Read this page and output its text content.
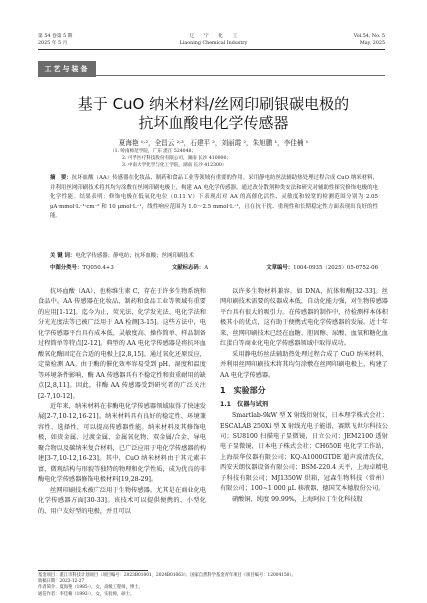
第 54 卷第 5 期
2025 年 5 月
辽　　宁　　化　　工
Liaoning Chemical Industry
Vol.54, No. 5
May, 2025
工艺与装备
基于 CuO 纳米材料/丝网印刷银碳电极的
抗坏血酸电化学传感器
夏海艳 ¹˒²，全昌云 ²˒³，石建平 ²，刘丽霞 ²，朱旭鹏 ¹，李佳楠 ¹
（1. 岭南师范学院，广东 湛江 524048；
2. 可孚医疗科技股份有限公司，湖南 长沙 410000；
3. 中南大学化学与化工学院，湖南 长沙 412300）
摘　要：抗坏血酸（AA）传感器在化妆品、制药和食品工业等领域有重要的作用。采用静电纺丝法辅助热处理过程合成 CuO 纳米材料，并利用丝网印刷技术将其均匀涂敷在丝网印刷电极上，构建 AA 电化学传感器。通过改分散剂种类安法和研究对辅助性探究修饰电极的电化学性能。结果表明：修饰电极在低氧化电位（0.11 V）下表现出对 AA 的高催化活性、灵敏度和较宽的检测范围分别为 2.05 μA·mmol·L⁻¹·cm⁻² 和 10 μmol·L⁻¹，线性响应范围为 1.0～2.5 mmol·L⁻¹，且在抗干扰、重现性和长期稳定性方面表现出良好的性能。
关 键 词：电化学传感器；静电纺；抗坏血酸；丝网印刷技术
中图分类号：TQ050.4+3	文献标志码：A	文章编号：1004-0935（2025）05-0752-06

抗坏血酸（AA），也称维生素 C，存在于许多生物系统和食品中。AA 传感器在化妆品、制药和食品工业等领域有重要的应用[1-12]。迄今为止，荧光法、化学发光法、电化学法和分光光度法等已被广泛用于 AA 检测[3-15]。这些方法中，电化学传感器平台具有成本低、灵敏度高、操作简单、样品制备过程简单等特点[2-12]。典型的 AA 电化学传感器是将抗坏血酸氧化酶固定在合适的电极上[2,8,15]。通过氧化还原反应，定量检测 AA。由于酶的催化效率容易受到 pH、湿度和温度等环境条件影响，酶 AA 传感器具有不稳定性和贵重耐用的缺点[2,8,11]。因此，非酶 AA 传感器受到研究者的广泛关注[2-7,10-12]。

近年来，纳米材料在非酶电化学传感器领域取得了快速发展[2-7,10-12,16-21]。纳米材料具有良好的稳定性、环境兼容性、选择性，可以提高传感器性能。纳米材料及其修饰电极，如贵金属、过渡金属、金属氧化物、双金属/合金、导电聚合物以及碳纳米复合材料，已广泛应用于电化学传感器的构建[3-7,10-12,16-23]。其中，CuO 纳米材料由于其元素丰富、微观结构与形貌等独特的物理和化学性质，成为优良的非酶电化学传感器修饰电极材料[19,28-29]。

丝网印刷技术被广泛用于生物传感器。尤其是在商业化电化学传感器方面[30-33]。该技术可以提供便携的、小型化的、用户友好型的电极，并且可以

以许多生物材料兼容，如 DNA、抗体和酶[32-33]。丝网印刷技术需要的仪器成本低，自动化能力强，对生物传感器平台具有很大的吸引力。在传感器的制作中，待检测样本体积极其小的优点，这有助于便携式电化学传感器的发展。近十年来，丝网印刷技术已经在血糖、胆固醇、尿酸、血氧和糖化血红蛋白等商业化电化学传感器领域中取得成功。

采用静电纺丝法辅助热处理过程合成了 CuO 纳米材料，并利用丝网印刷技术将其均匀涂敷在丝网印刷电极上，构建了 AA 电化学传感器。

1　实验部分
1.1　仪器与试剂

Smartlab-9kW 型 X 射线衍射仪，日本理学株式会社；ESCALAB 250Xi 型 X 射线光电子能谱，赛默飞世尔科技公司；SU8100 扫描电子显微镜，日立公司；JEM2100 透射电子显微镜，日本电子株式会社；CH650E 电化学工作站，上海辰华仪器有限公司；KQ-A1000GTDE 超声波清洗仪，西安天朗仪器设备有限公司；BSM-220.4 天平，上海卓精电子科技有限公司；MJ1350W 烘箱，冠森生物科技（常州）有限公司；100~1 000 μL 移液器，德国艾本德股份公司。

硝酸铜，纯度 99.99%，上海阿拉丁生化科技股

基金项目：湛江市科技计划项目（项目编号：2023B01001、2024B01063）；国家自然科学基金青年项目（项目编号：12004150）。
收稿日期：2023-12-27
作者简介：夏海艳（1985-），女，高级工程师，博士。
通信作者：李佳楠（1992-），女，实验师，硕士。
